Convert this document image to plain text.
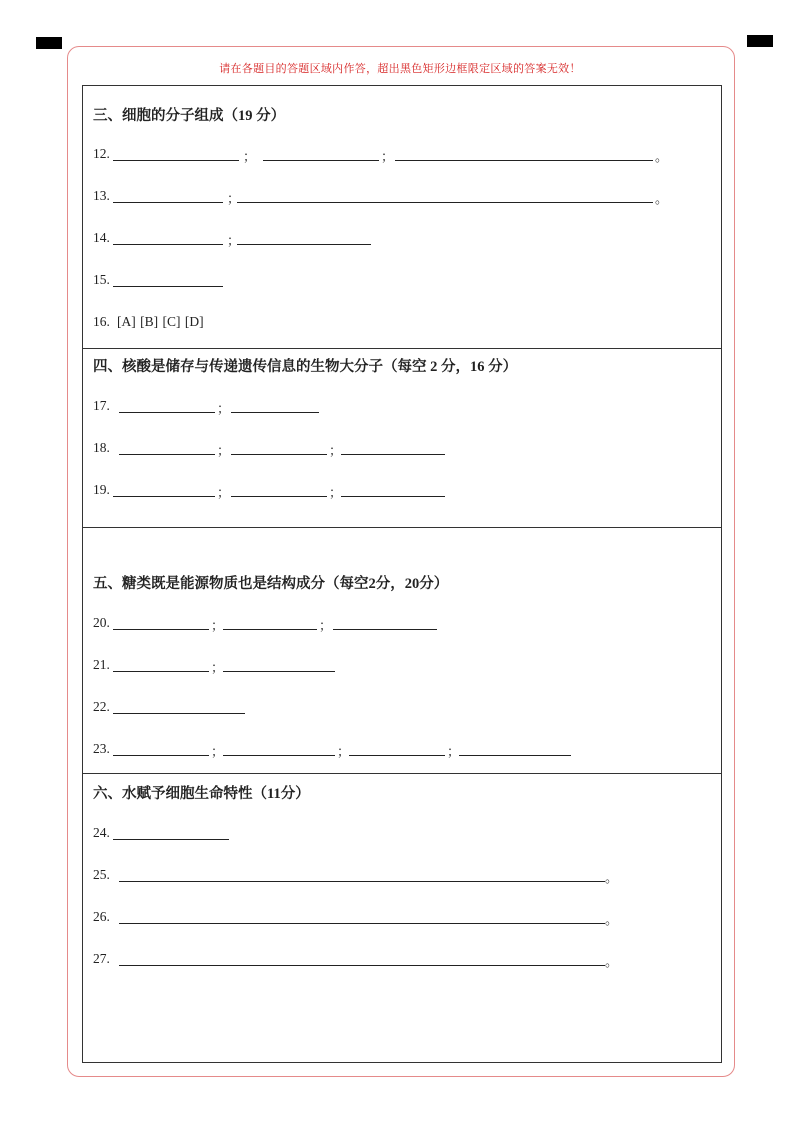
请在各题目的答题区域内作答，超出黑色矩形边框限定区域的答案无效！
三、细胞的分子组成（19 分）
12.	；	；	。
13.	；	。
14.	；
15.
16. [A] [B] [C] [D]
四、核酸是储存与传递遗传信息的生物大分子（每空 2 分，16 分）
17.	；
18.	；	；
19.	；	；
五、糖类既是能源物质也是结构成分（每空2分，20分）
20.	；	；
21.	；
22.
23.	；	；	；
六、水赋予细胞生命特性（11分）
24.
25.	。
26.	。
27.	。
